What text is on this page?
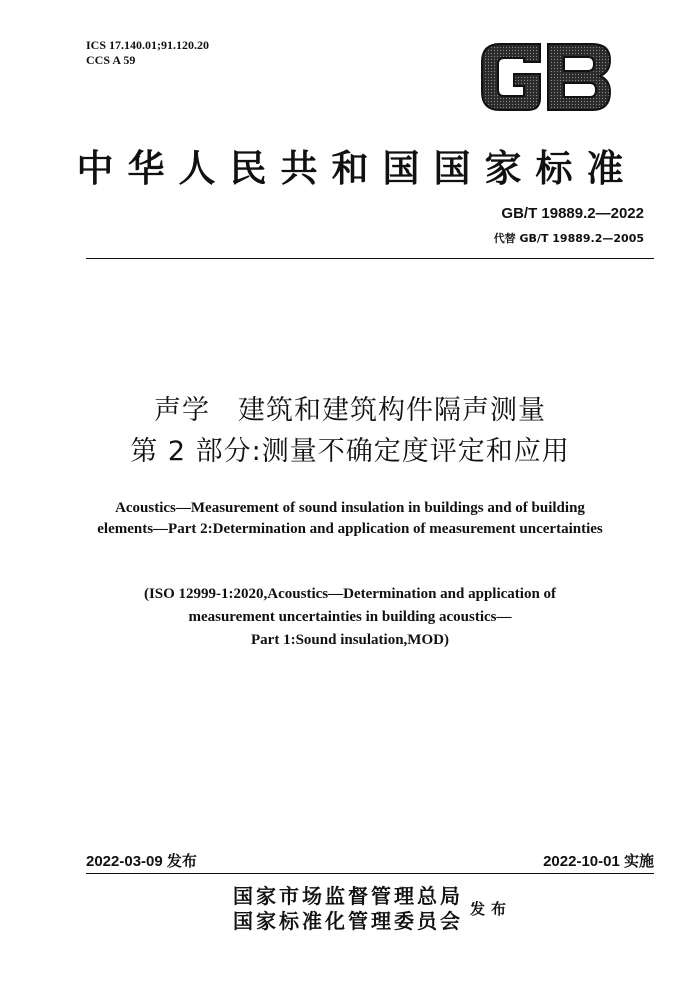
ICS 17.140.01;91.120.20
CCS A 59
中华人民共和国国家标准
GB/T 19889.2—2022
代替 GB/T 19889.2—2005
声学　建筑和建筑构件隔声测量
第 2 部分:测量不确定度评定和应用
Acoustics—Measurement of sound insulation in buildings and of building
elements—Part 2:Determination and application of measurement uncertainties
(ISO 12999-1:2020,Acoustics—Determination and application of
measurement uncertainties in building acoustics—
Part 1:Sound insulation,MOD)
2022-03-09 发布	2022-10-01 实施
国家市场监督管理总局
国家标准化管理委员会 发布
